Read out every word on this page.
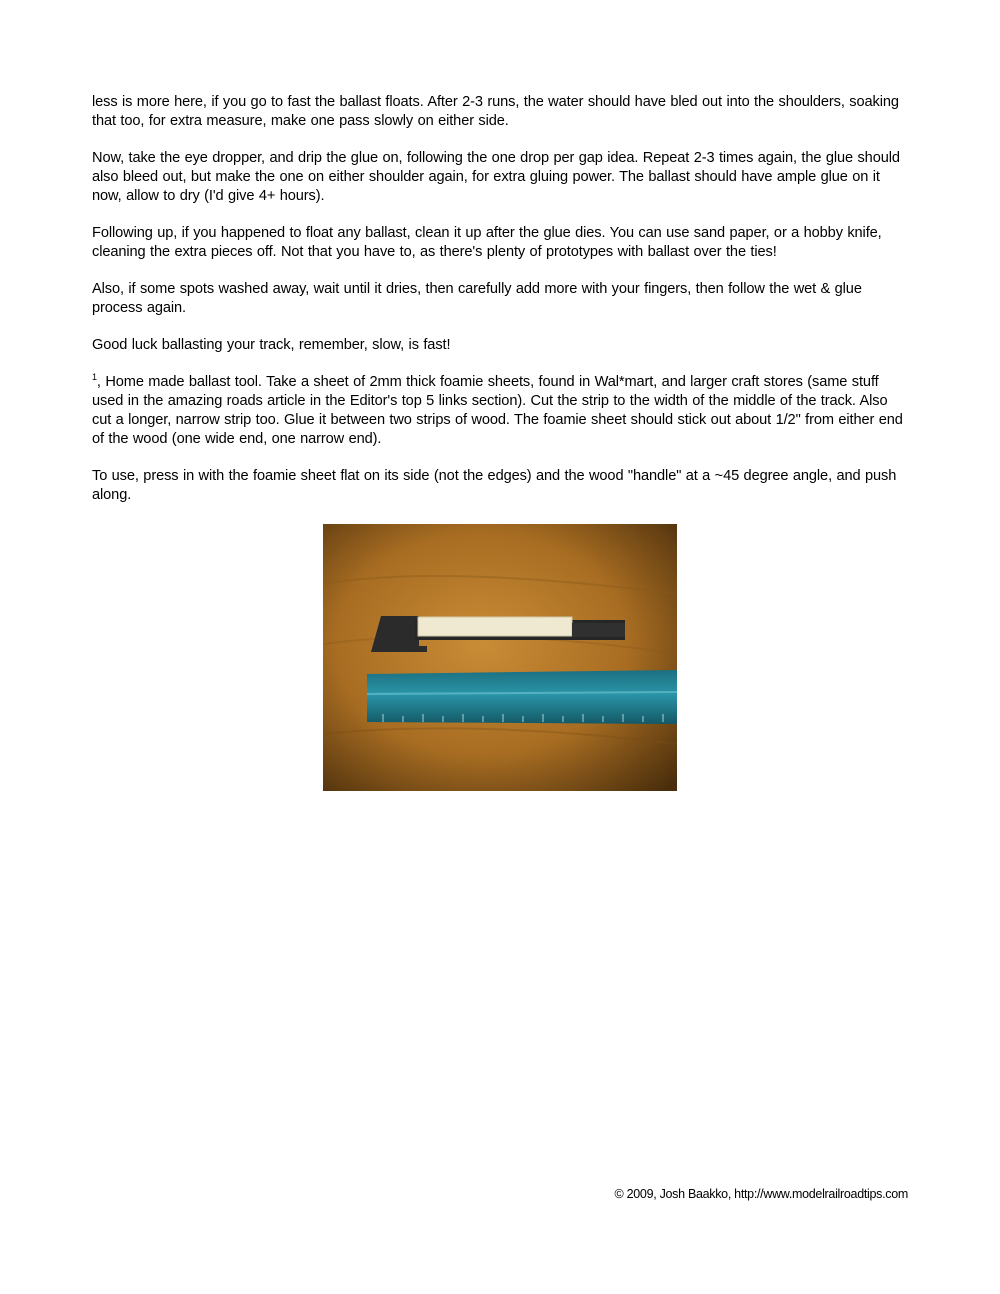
less is more here, if you go to fast the ballast floats. After 2-3 runs, the water should have bled out into the shoulders, soaking that too, for extra measure, make one pass slowly on either side.

Now, take the eye dropper, and drip the glue on, following the one drop per gap idea. Repeat 2-3 times again, the glue should also bleed out, but make the one on either shoulder again, for extra gluing power. The ballast should have ample glue on it now, allow to dry (I'd give 4+ hours).

Following up, if you happened to float any ballast, clean it up after the glue dies. You can use sand paper, or a hobby knife, cleaning the extra pieces off. Not that you have to, as there's plenty of prototypes with ballast over the ties!

Also, if some spots washed away, wait until it dries, then carefully add more with your fingers, then follow the wet & glue process again.

Good luck ballasting your track, remember, slow, is fast!

$^1$, Home made ballast tool. Take a sheet of 2mm thick foamie sheets, found in Wal*mart, and larger craft stores (same stuff used in the amazing roads article in the Editor's top 5 links section). Cut the strip to the width of the middle of the track. Also cut a longer, narrow strip too. Glue it between two strips of wood. The foamie sheet should stick out about 1/2" from either end of the wood (one wide end, one narrow end).

To use, press in with the foamie sheet flat on its side (not the edges) and the wood "handle" at a ~45 degree angle, and push along.

© 2009, Josh Baakko, http://www.modelrailroadtips.com
